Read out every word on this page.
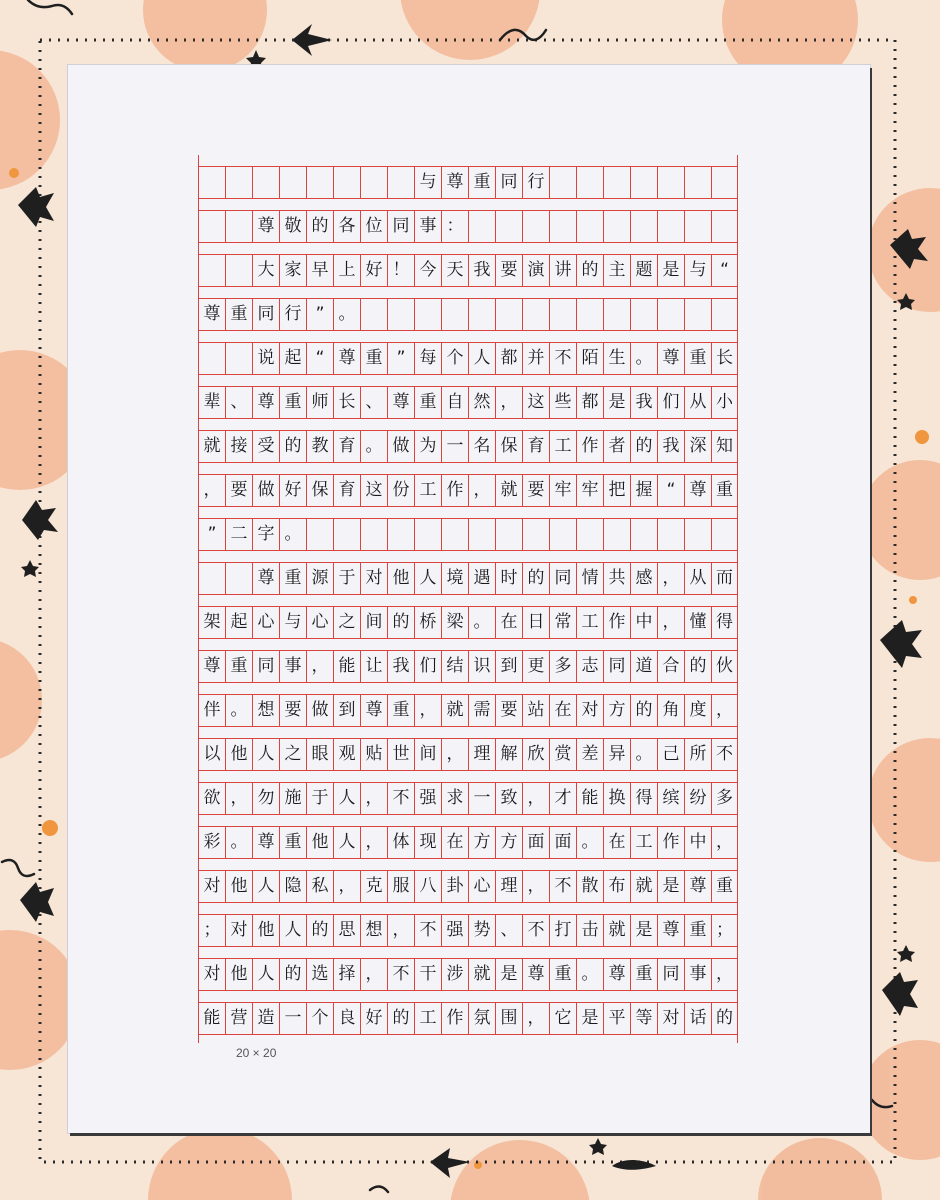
与 尊 重 同 行
尊 敬 的 各 位 同 事 ：
大 家 早 上 好 ！ 今 天 我 要 演 讲 的 主 题 是 与 “
尊 重 同 行 ” 。
说 起 “ 尊 重 ” 每 个 人 都 并 不 陌 生 。 尊 重 长
辈 、 尊 重 师 长 、 尊 重 自 然 ， 这 些 都 是 我 们 从 小
就 接 受 的 教 育 。 做 为 一 名 保 育 工 作 者 的 我 深 知
， 要 做 好 保 育 这 份 工 作 ， 就 要 牢 牢 把 握 “ 尊 重
” 二 字 。
尊 重 源 于 对 他 人 境 遇 时 的 同 情 共 感 ， 从 而
架 起 心 与 心 之 间 的 桥 梁 。 在 日 常 工 作 中 ， 懂 得
尊 重 同 事 ， 能 让 我 们 结 识 到 更 多 志 同 道 合 的 伙
伴 。 想 要 做 到 尊 重 ， 就 需 要 站 在 对 方 的 角 度 ，
以 他 人 之 眼 观 贴 世 间 ， 理 解 欣 赏 差 异 。 己 所 不
欲 ， 勿 施 于 人 ， 不 强 求 一 致 ， 才 能 换 得 缤 纷 多
彩 。 尊 重 他 人 ， 体 现 在 方 方 面 面 。 在 工 作 中 ，
对 他 人 隐 私 ， 克 服 八 卦 心 理 ， 不 散 布 就 是 尊 重
； 对 他 人 的 思 想 ， 不 强 势 、 不 打 击 就 是 尊 重 ；
对 他 人 的 选 择 ， 不 干 涉 就 是 尊 重 。 尊 重 同 事 ，
能 营 造 一 个 良 好 的 工 作 氛 围 ， 它 是 平 等 对 话 的
20 × 20
